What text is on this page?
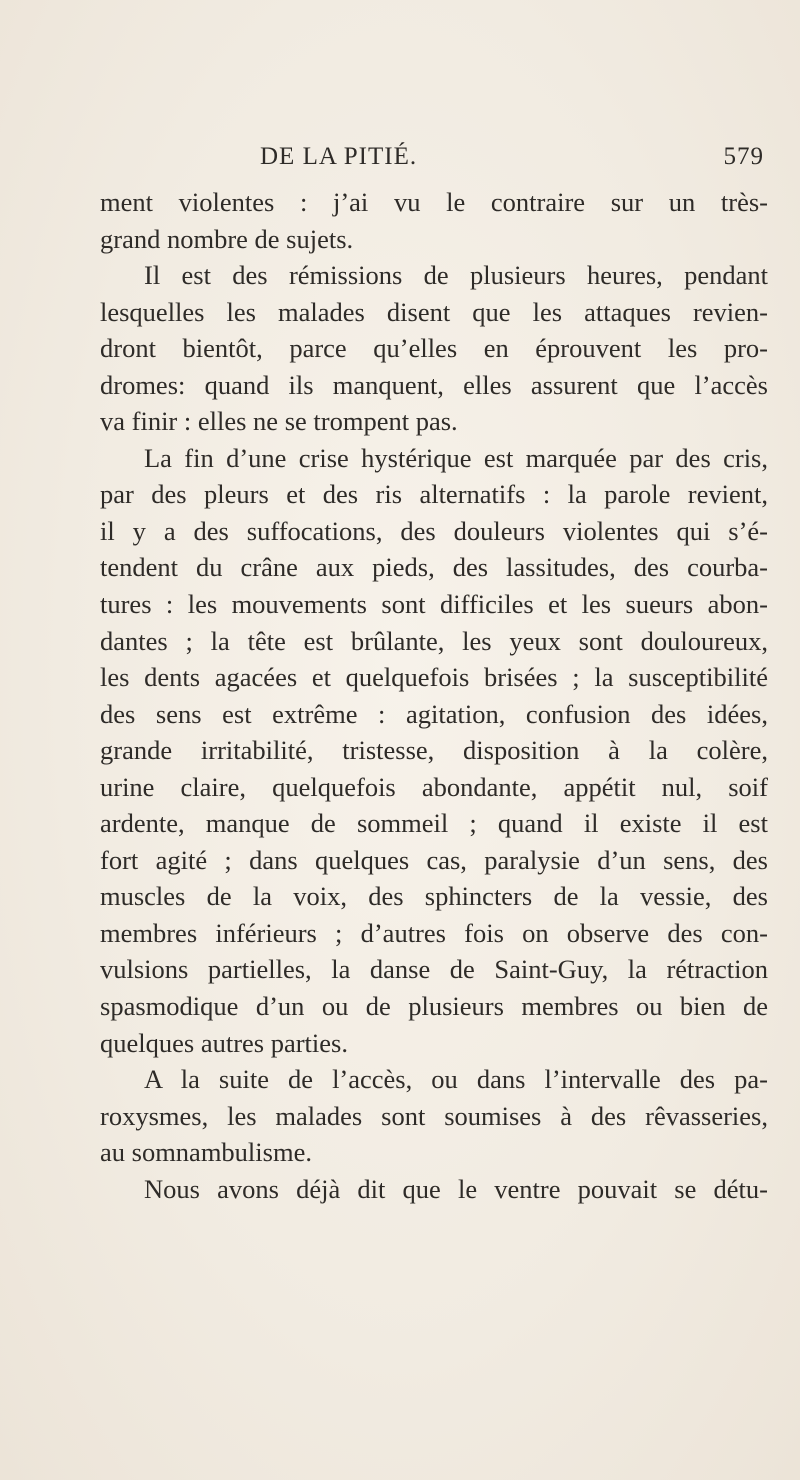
DE LA PITIÉ.	579
ment violentes : j’ai vu le contraire sur un très-
grand nombre de sujets.
Il est des rémissions de plusieurs heures, pendant
lesquelles les malades disent que les attaques revien-
dront bientôt, parce qu’elles en éprouvent les pro-
dromes: quand ils manquent, elles assurent que l’accès
va finir : elles ne se trompent pas.
La fin d’une crise hystérique est marquée par des cris,
par des pleurs et des ris alternatifs : la parole revient,
il y a des suffocations, des douleurs violentes qui s’é-
tendent du crâne aux pieds, des lassitudes, des courba-
tures : les mouvements sont difficiles et les sueurs abon-
dantes ; la tête est brûlante, les yeux sont douloureux,
les dents agacées et quelquefois brisées ; la susceptibilité
des sens est extrême : agitation, confusion des idées,
grande irritabilité, tristesse, disposition à la colère,
urine claire, quelquefois abondante, appétit nul, soif
ardente, manque de sommeil ; quand il existe il est
fort agité ; dans quelques cas, paralysie d’un sens, des
muscles de la voix, des sphincters de la vessie, des
membres inférieurs ; d’autres fois on observe des con-
vulsions partielles, la danse de Saint-Guy, la rétraction
spasmodique d’un ou de plusieurs membres ou bien de
quelques autres parties.
A la suite de l’accès, ou dans l’intervalle des pa-
roxysmes, les malades sont soumises à des rêvasseries,
au somnambulisme.
Nous avons déjà dit que le ventre pouvait se détu-
